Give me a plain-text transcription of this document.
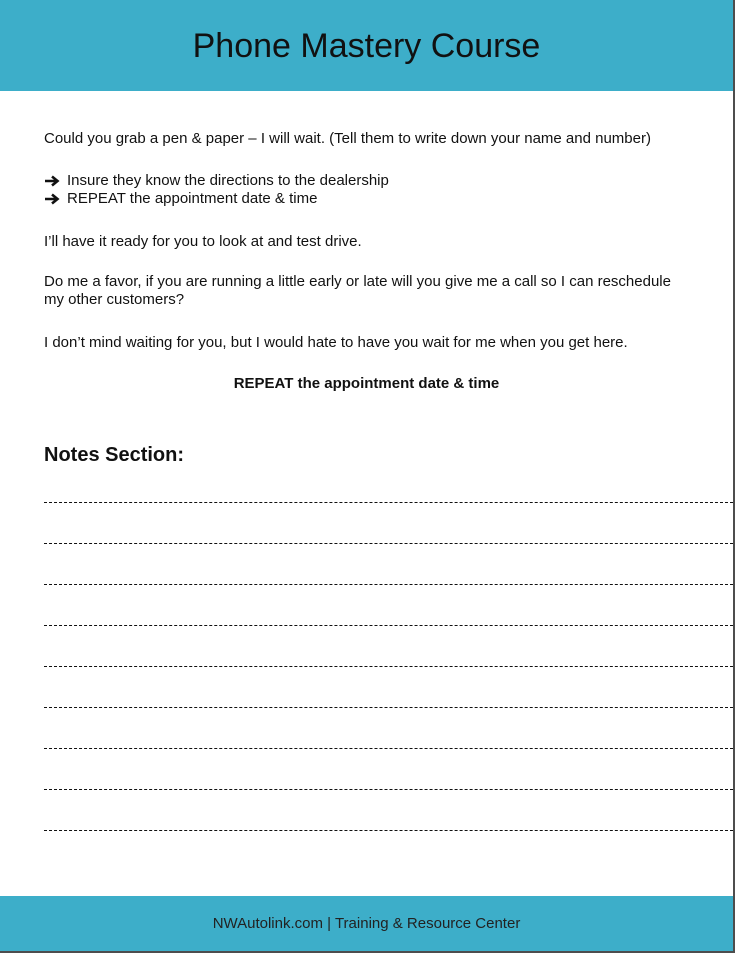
Phone Mastery Course
Could you grab a pen & paper – I will wait. (Tell them to write down your name and number)
Insure they know the directions to the dealership
REPEAT the appointment date & time
I’ll have it ready for you to look at and test drive.
Do me a favor, if you are running a little early or late will you give me a call so I can reschedule
my other customers?
I don’t mind waiting for you, but I would hate to have you wait for me when you get here.
REPEAT the appointment date & time
Notes Section:
NWAutolink.com | Training & Resource Center
